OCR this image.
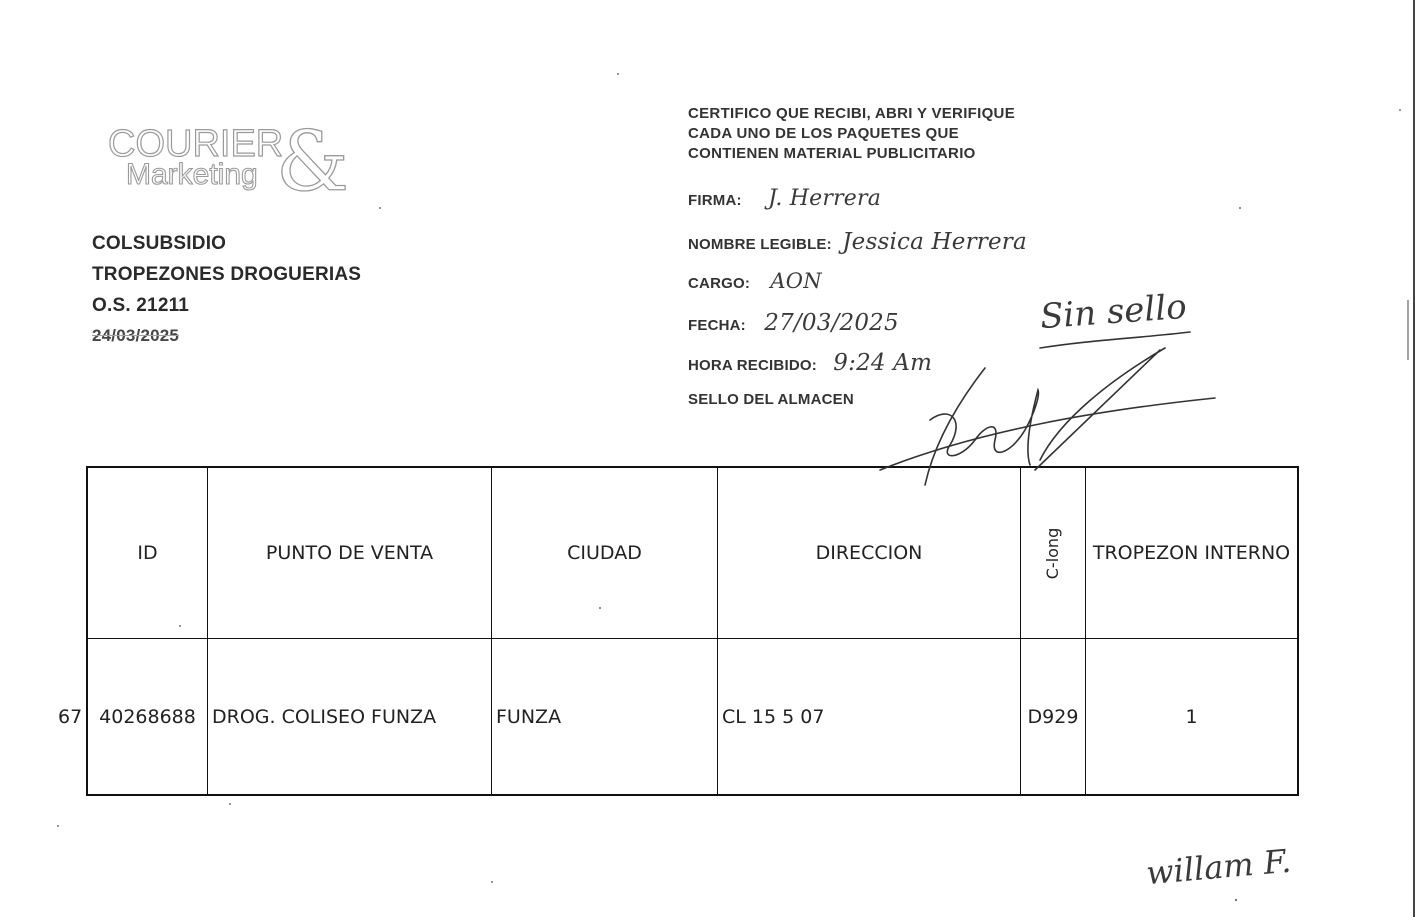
COURIER
Marketing &
COLSUBSIDIO
TROPEZONES DROGUERIAS
O.S. 21211
24/03/2025
CERTIFICO QUE RECIBI, ABRI Y VERIFIQUE
CADA UNO DE LOS PAQUETES QUE
CONTIENEN MATERIAL PUBLICITARIO
FIRMA: J. Herrera
NOMBRE LEGIBLE: Jessica Herrera
CARGO: AON
FECHA: 27/03/2025
HORA RECIBIDO: 9:24 Am
SELLO DEL ALMACEN
Sin sello
67
ID	PUNTO DE VENTA	CIUDAD	DIRECCION	C-long	TROPEZON INTERNO
40268688	DROG. COLISEO FUNZA	FUNZA	CL 15 5 07	D929	1
willam F.
